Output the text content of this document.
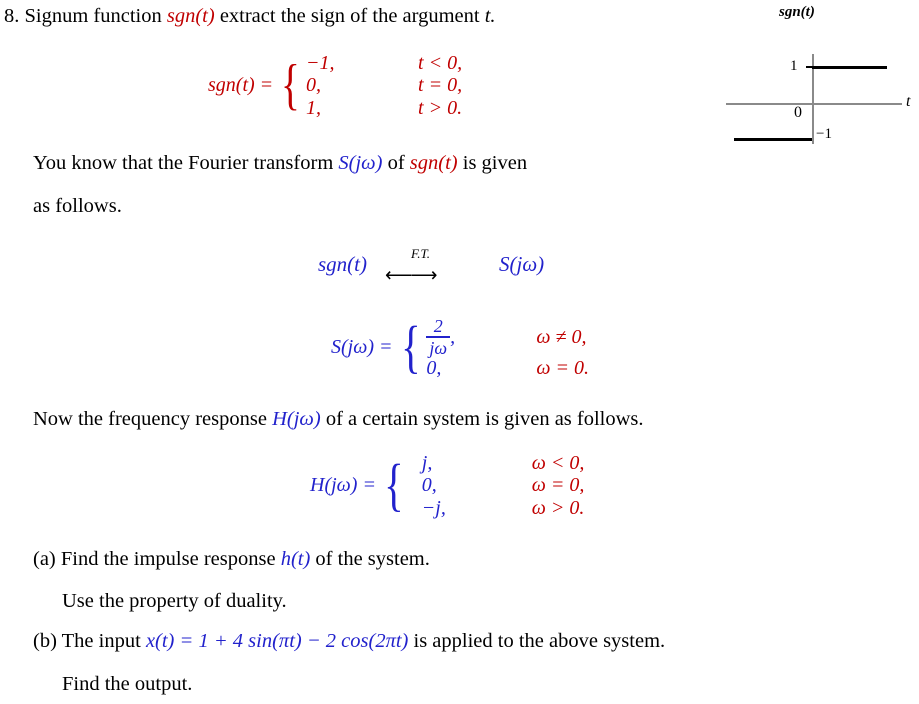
8. Signum function sgn(t) extract the sign of the argument t.
sgn(t) = { −1,	t < 0,
0,	t = 0,
1,	t > 0.
You know that the Fourier transform S(jω) of sgn(t) is given
as follows.
sgn(t)	F.T.
⟵⟶	S(jω)
S(jω) = { $\frac{2}{j\omega}$ ,	ω ≠ 0,
0,	ω = 0.
Now the frequency response H(jω) of a certain system is given as follows.
H(jω) = { j,	ω < 0,
0,	ω = 0,
−j,	ω > 0.
(a) Find the impulse response h(t) of the system.
Use the property of duality.
(b) The input x(t) = 1 + 4 sin(πt) − 2 cos(2πt) is applied to the above system.
Find the output.
sgn(t)
1
0
−1
t
